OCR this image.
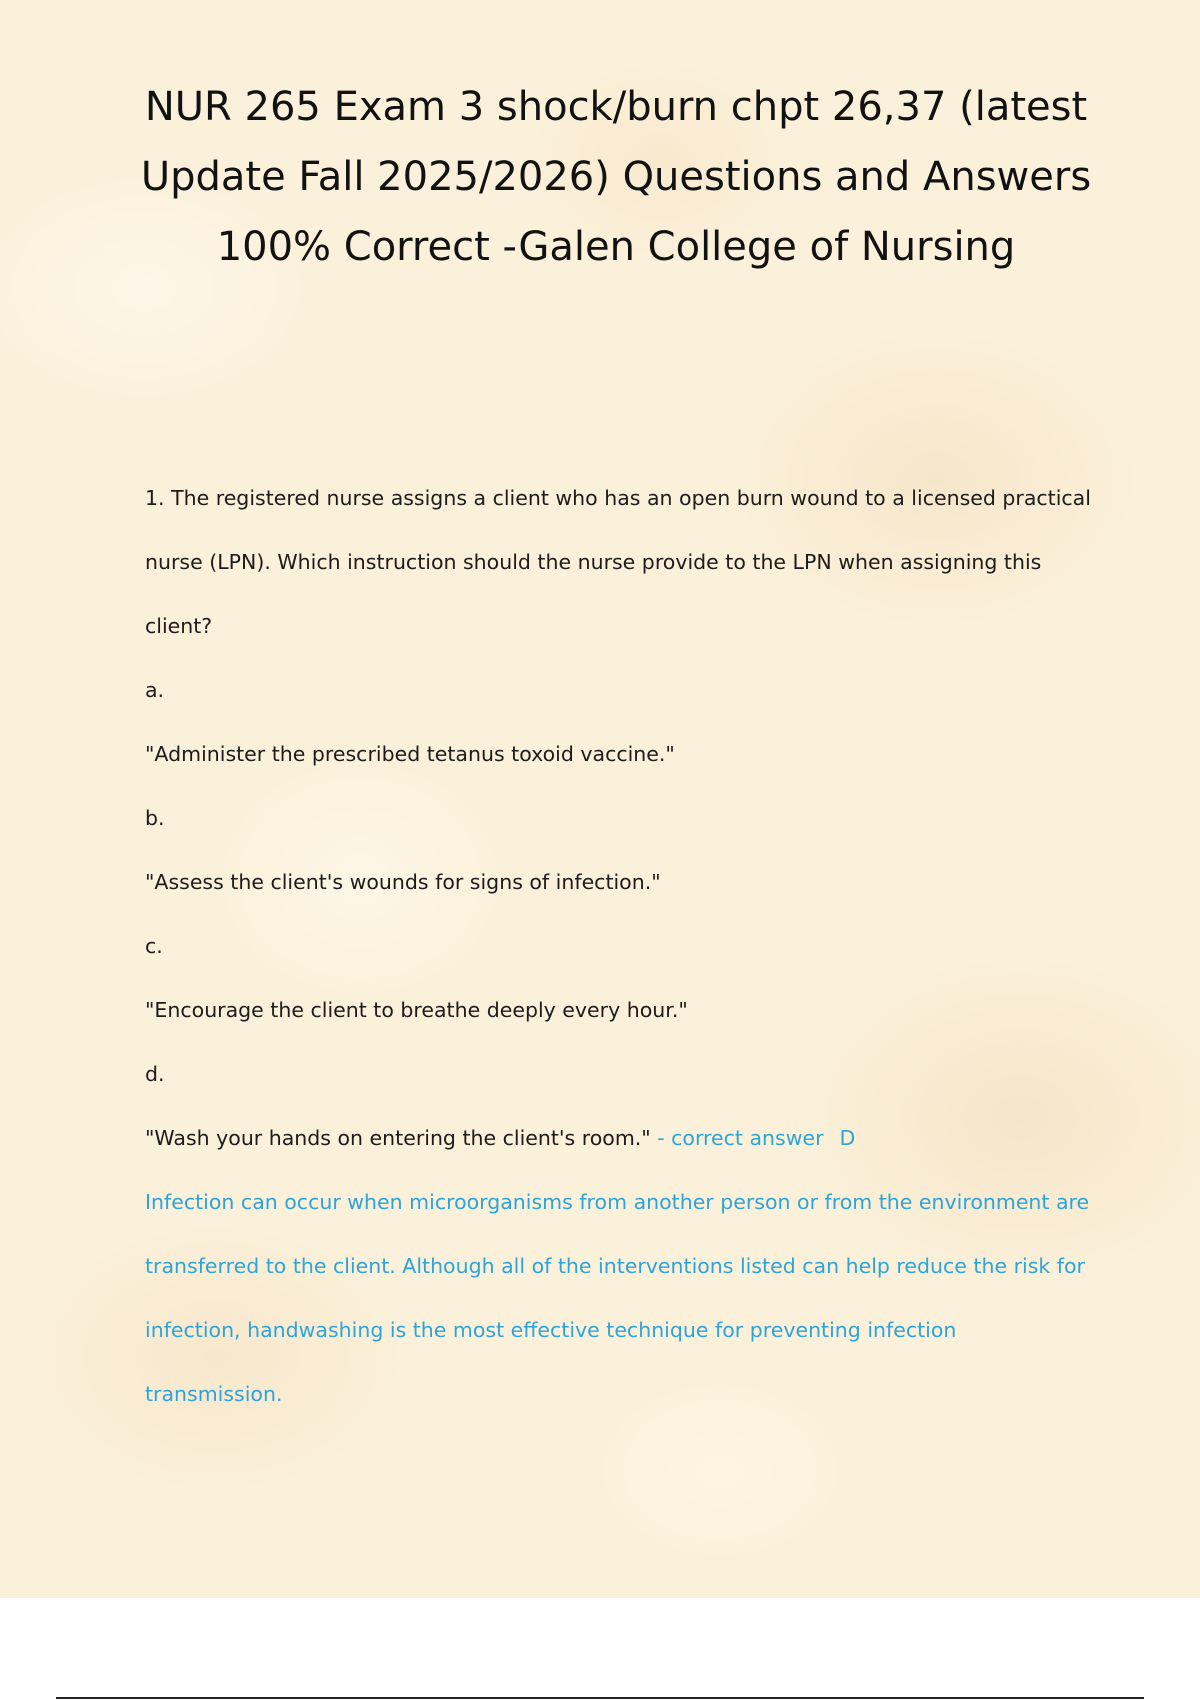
NUR 265 Exam 3 shock/burn chpt 26,37 (latest Update Fall 2025/2026) Questions and Answers 100% Correct -Galen College of Nursing

1. The registered nurse assigns a client who has an open burn wound to a licensed practical nurse (LPN). Which instruction should the nurse provide to the LPN when assigning this client?

a.

"Administer the prescribed tetanus toxoid vaccine."

b.

"Assess the client's wounds for signs of infection."

c.

"Encourage the client to breathe deeply every hour."

d.

"Wash your hands on entering the client's room." - correct answer D

Infection can occur when microorganisms from another person or from the environment are transferred to the client. Although all of the interventions listed can help reduce the risk for infection, handwashing is the most effective technique for preventing infection transmission.
